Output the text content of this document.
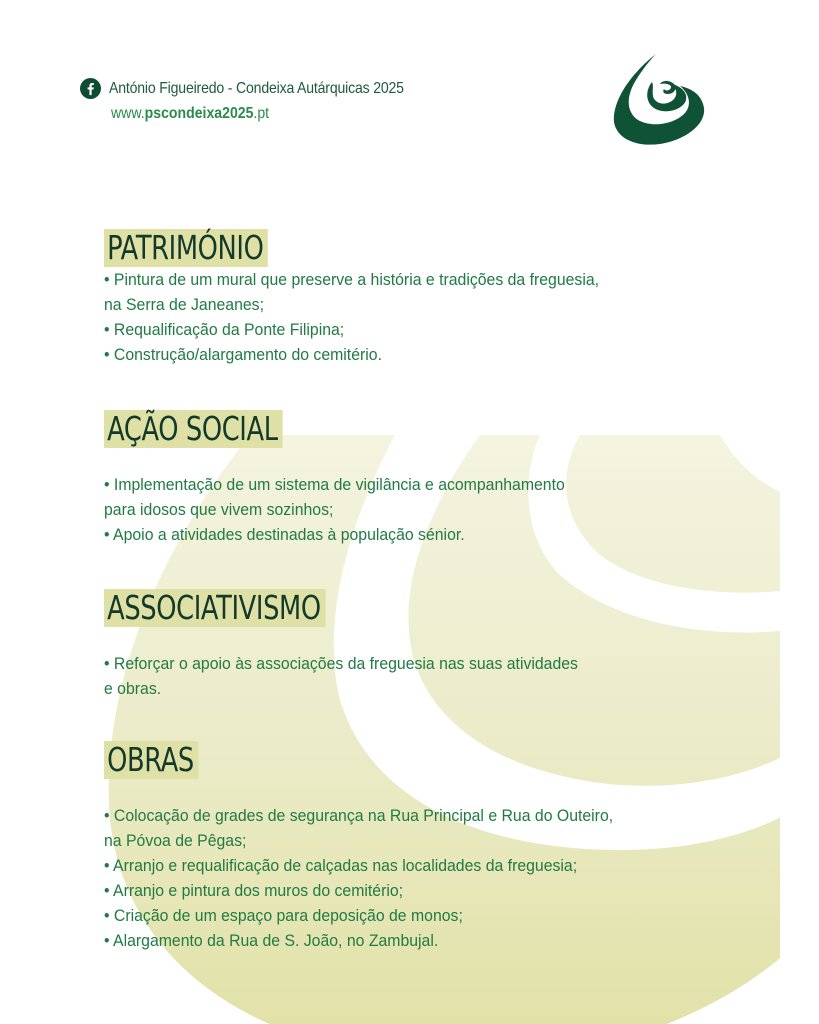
António Figueiredo - Condeixa Autárquicas 2025
www.pscondeixa2025.pt
PATRIMÓNIO
• Pintura de um mural que preserve a história e tradições da freguesia,
na Serra de Janeanes;
• Requalificação da Ponte Filipina;
• Construção/alargamento do cemitério.
AÇÃO SOCIAL
• Implementação de um sistema de vigilância e acompanhamento
para idosos que vivem sozinhos;
• Apoio a atividades destinadas à população sénior.
ASSOCIATIVISMO
• Reforçar o apoio às associações da freguesia nas suas atividades
e obras.
OBRAS
• Colocação de grades de segurança na Rua Principal e Rua do Outeiro,
na Póvoa de Pêgas;
• Arranjo e requalificação de calçadas nas localidades da freguesia;
• Arranjo e pintura dos muros do cemitério;
• Criação de um espaço para deposição de monos;
• Alargamento da Rua de S. João, no Zambujal.
